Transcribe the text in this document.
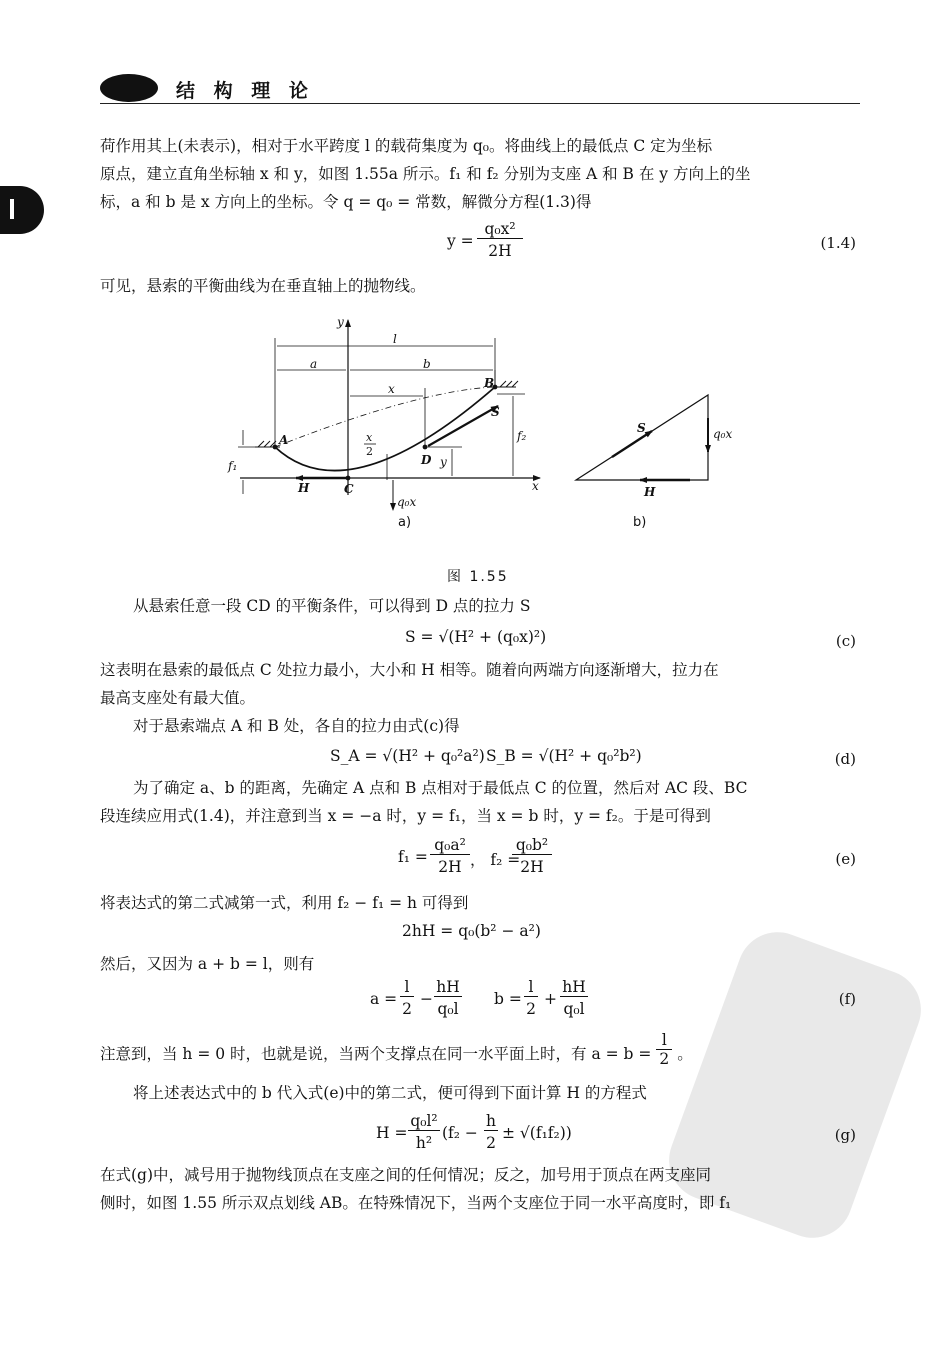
结 构 理 论
荷作用其上(未表示)，相对于水平跨度 l 的载荷集度为 q₀。将曲线上的最低点 C 定为坐标
原点，建立直角坐标轴 x 和 y，如图 1.55a 所示。f₁ 和 f₂ 分别为支座 A 和 B 在 y 方向上的坐
标，a 和 b 是 x 方向上的坐标。令 q = q₀ = 常数，解微分方程(1.3)得
y =
q₀x²
2H	(1.4)
可见，悬索的平衡曲线为在垂直轴上的抛物线。
y
l
a	b
x	B
S
f₂
A	x
2
D y
f₁
H	C	x
q₀x
S	q₀x
H
a)	b)
图 1.55
从悬索任意一段 CD 的平衡条件，可以得到 D 点的拉力 S
S = √(H² + (q₀x)²)	(c)
这表明在悬索的最低点 C 处拉力最小，大小和 H 相等。随着向两端方向逐渐增大，拉力在
最高支座处有最大值。
对于悬索端点 A 和 B 处，各自的拉力由式(c)得
S_A = √(H² + q₀²a²) S_B = √(H² + q₀²b²)	(d)
为了确定 a、b 的距离，先确定 A 点和 B 点相对于最低点 C 的位置，然后对 AC 段、BC
段连续应用式(1.4)，并注意到当 x = −a 时，y = f₁，当 x = b 时，y = f₂。于是可得到
f₁ =
q₀a²
2H ， f₂ =
q₀b²
2H	(e)
将表达式的第二式减第一式，利用 f₂ − f₁ = h 可得到
2hH = q₀(b² − a²)
然后，又因为 a + b = l，则有
a =
l
2
−
hH
q₀l
b =
l
2
+
hH
q₀l
(f)
注意到，当 h = 0 时，也就是说，当两个支撑点在同一水平面上时，有 $a = b = \frac{l}{2}$ 。
将上述表达式中的 b 代入式(e)中的第二式，便可得到下面计算 H 的方程式
H =
q₀l²
h²
(f₂ −
h
2
± √(f₁f₂))	(g)
在式(g)中，减号用于抛物线顶点在支座之间的任何情况；反之，加号用于顶点在两支座同
侧时，如图 1.55 所示双点划线 AB。在特殊情况下，当两个支座位于同一水平高度时，即 f₁
